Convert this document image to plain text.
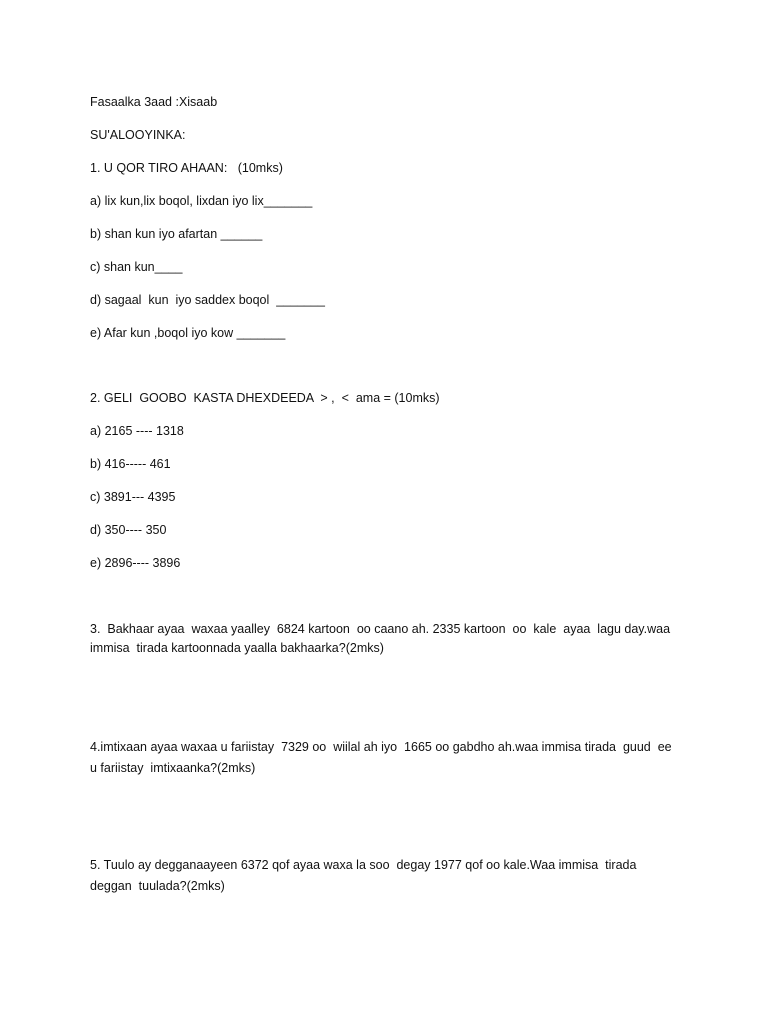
Fasaalka 3aad :Xisaab

SU'ALOOYINKA:

1. U QOR TIRO AHAAN:   (10mks)

a) lix kun,lix boqol, lixdan iyo lix_______

b) shan kun iyo afartan ______

c) shan kun____

d) sagaal  kun  iyo saddex boqol  _______

e) Afar kun ,boqol iyo kow _______

2. GELI  GOOBO  KASTA DHEXDEEDA  > ,  <  ama = (10mks)

a) 2165 ---- 1318

b) 416----- 461

c) 3891--- 4395

d) 350---- 350

e) 2896---- 3896

3.  Bakhaar ayaa  waxaa yaalley  6824 kartoon  oo caano ah. 2335 kartoon  oo  kale  ayaa  lagu day.waa

immisa  tirada kartoonnada yaalla bakhaarka?(2mks)

4.imtixaan ayaa waxaa u fariistay  7329 oo  wiilal ah iyo  1665 oo gabdho ah.waa immisa tirada  guud  ee

u fariistay  imtixaanka?(2mks)

5. Tuulo ay degganaayeen 6372 qof ayaa waxa la soo  degay 1977 qof oo kale.Waa immisa  tirada

deggan  tuulada?(2mks)
